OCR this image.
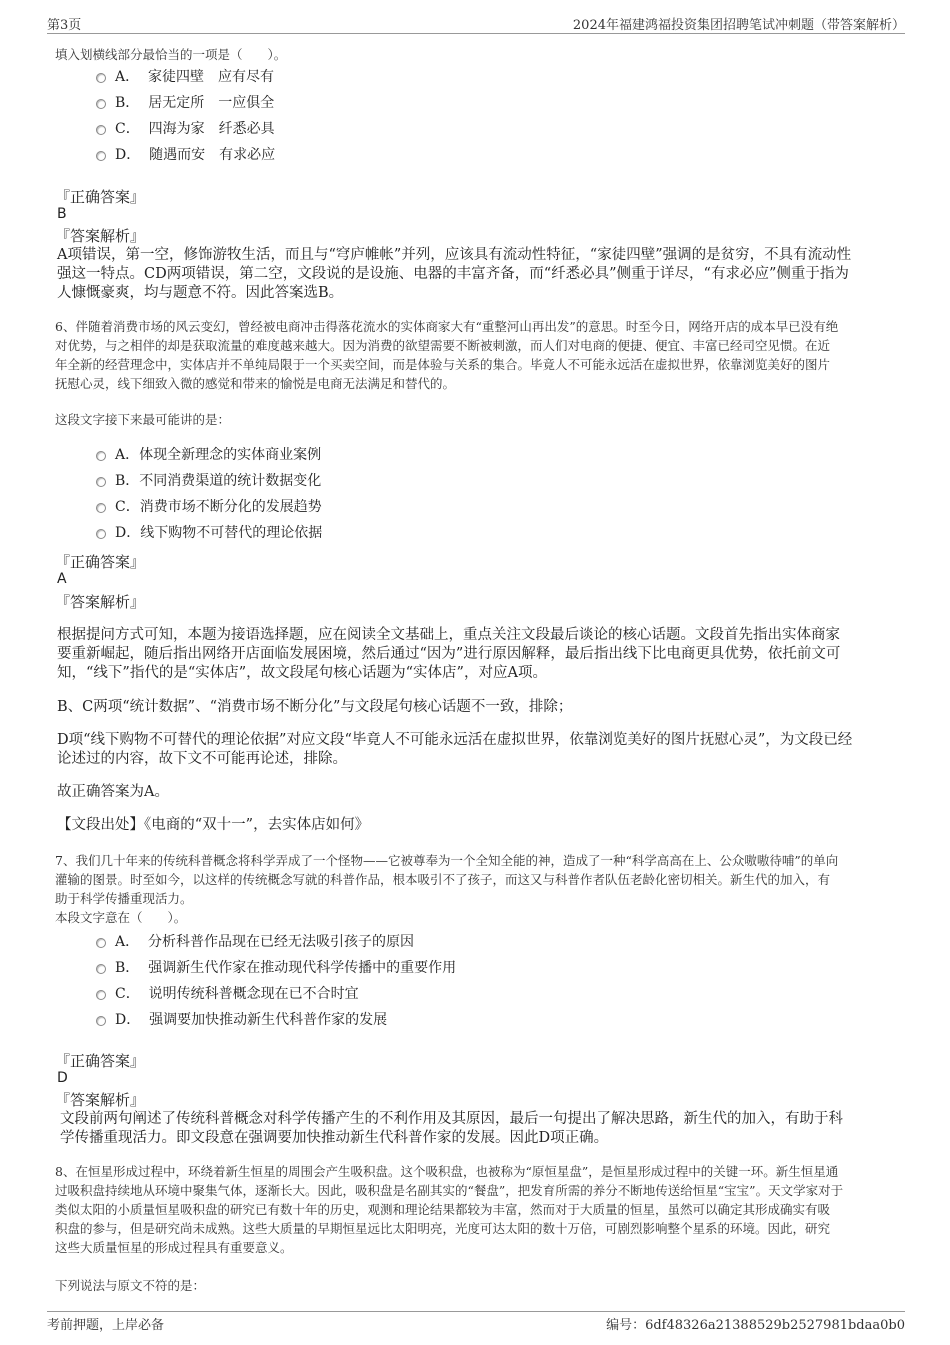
第3页	2024年福建鸿福投资集团招聘笔试冲刺题（带答案解析）
填入划横线部分最恰当的一项是（　　）。
A．  家徒四壁　应有尽有
B．  居无定所　一应俱全
C．  四海为家　纤悉必具
D．  随遇而安　有求必应
『正确答案』
B
『答案解析』
A项错误，第一空，修饰游牧生活，而且与“穹庐帷帐”并列，应该具有流动性特征，“家徒四壁”强调的是贫穷，不具有流动性
强这一特点。CD两项错误，第二空，文段说的是设施、电器的丰富齐备，而“纤悉必具”侧重于详尽，“有求必应”侧重于指为
人慷慨豪爽，均与题意不符。因此答案选B。
6、伴随着消费市场的风云变幻，曾经被电商冲击得落花流水的实体商家大有“重整河山再出发”的意思。时至今日，网络开店的成本早已没有绝
对优势，与之相伴的却是获取流量的难度越来越大。因为消费的欲望需要不断被刺激，而人们对电商的便捷、便宜、丰富已经司空见惯。在近
年全新的经营理念中，实体店并不单纯局限于一个买卖空间，而是体验与关系的集合。毕竟人不可能永远活在虚拟世界，依靠浏览美好的图片
抚慰心灵，线下细致入微的感觉和带来的愉悦是电商无法满足和替代的。
这段文字接下来最可能讲的是：
A．体现全新理念的实体商业案例
B．不同消费渠道的统计数据变化
C．消费市场不断分化的发展趋势
D．线下购物不可替代的理论依据
『正确答案』
A
『答案解析』
根据提问方式可知，本题为接语选择题，应在阅读全文基础上，重点关注文段最后谈论的核心话题。文段首先指出实体商家
要重新崛起，随后指出网络开店面临发展困境，然后通过“因为”进行原因解释，最后指出线下比电商更具优势，依托前文可
知，“线下”指代的是“实体店”，故文段尾句核心话题为“实体店”，对应A项。
B、C两项“统计数据”、“消费市场不断分化”与文段尾句核心话题不一致，排除；
D项“线下购物不可替代的理论依据”对应文段“毕竟人不可能永远活在虚拟世界，依靠浏览美好的图片抚慰心灵”，为文段已经
论述过的内容，故下文不可能再论述，排除。
故正确答案为A。
【文段出处】《电商的“双十一”，去实体店如何》
7、我们几十年来的传统科普概念将科学弄成了一个怪物——它被尊奉为一个全知全能的神，造成了一种“科学高高在上、公众嗷嗷待哺”的单向
灌输的图景。时至如今，以这样的传统概念写就的科普作品，根本吸引不了孩子，而这又与科普作者队伍老龄化密切相关。新生代的加入，有
助于科学传播重现活力。
本段文字意在（　　）。
A．  分析科普作品现在已经无法吸引孩子的原因
B．  强调新生代作家在推动现代科学传播中的重要作用
C．  说明传统科普概念现在已不合时宜
D．  强调要加快推动新生代科普作家的发展
『正确答案』
D
『答案解析』
文段前两句阐述了传统科普概念对科学传播产生的不利作用及其原因，最后一句提出了解决思路，新生代的加入，有助于科
学传播重现活力。即文段意在强调要加快推动新生代科普作家的发展。因此D项正确。
8、在恒星形成过程中，环绕着新生恒星的周围会产生吸积盘。这个吸积盘，也被称为“原恒星盘”，是恒星形成过程中的关键一环。新生恒星通
过吸积盘持续地从环境中聚集气体，逐渐长大。因此，吸积盘是名副其实的“餐盘”，把发育所需的养分不断地传送给恒星“宝宝”。天文学家对于
类似太阳的小质量恒星吸积盘的研究已有数十年的历史，观测和理论结果都较为丰富，然而对于大质量的恒星，虽然可以确定其形成确实有吸
积盘的参与，但是研究尚未成熟。这些大质量的早期恒星远比太阳明亮，光度可达太阳的数十万倍，可剧烈影响整个星系的环境。因此，研究
这些大质量恒星的形成过程具有重要意义。
下列说法与原文不符的是：
考前押题，上岸必备	编号：6df48326a21388529b2527981bdaa0b0
